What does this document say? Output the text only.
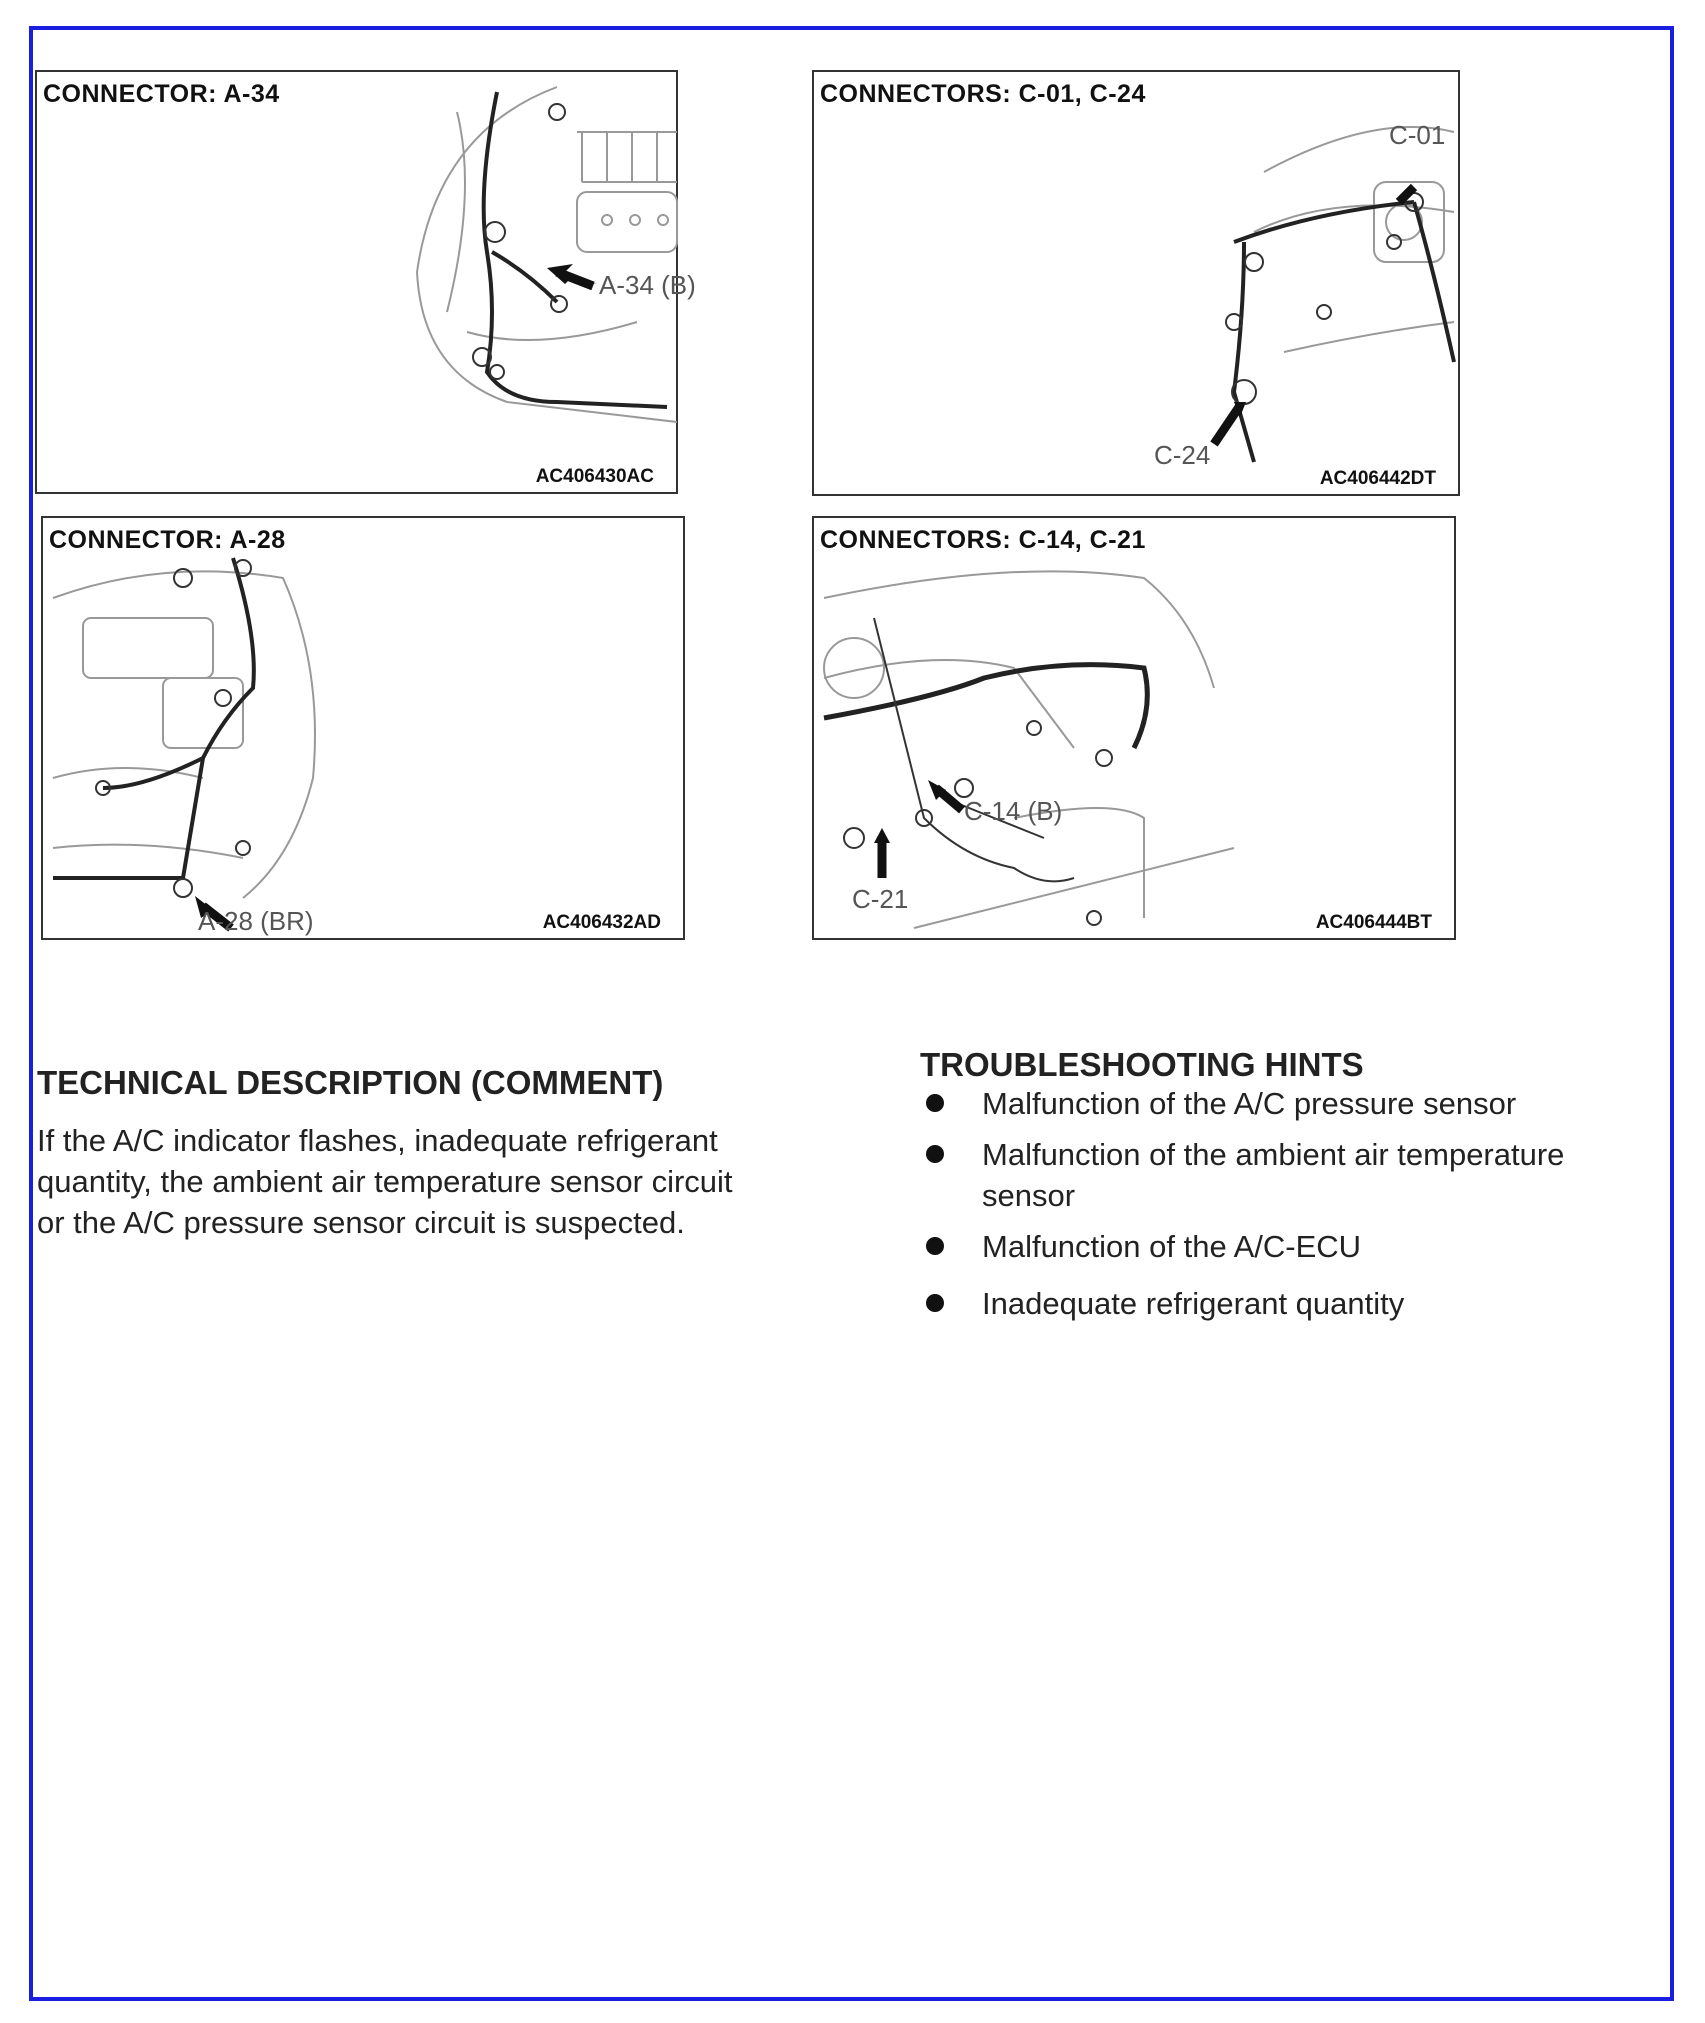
A-34 (B)
CONNECTOR: A-34
AC406430AC
C-01
C-24
CONNECTORS: C-01, C-24
AC406442DT
A-28 (BR)
CONNECTOR: A-28
AC406432AD
C-14 (B)
C-21
CONNECTORS: C-14, C-21
AC406444BT
TECHNICAL DESCRIPTION (COMMENT)
If the A/C indicator flashes, inadequate refrigerant
quantity, the ambient air temperature sensor circuit
or the A/C pressure sensor circuit is suspected.
TROUBLESHOOTING HINTS
Malfunction of the A/C pressure sensor
Malfunction of the ambient air temperature sensor
Malfunction of the A/C-ECU
Inadequate refrigerant quantity
